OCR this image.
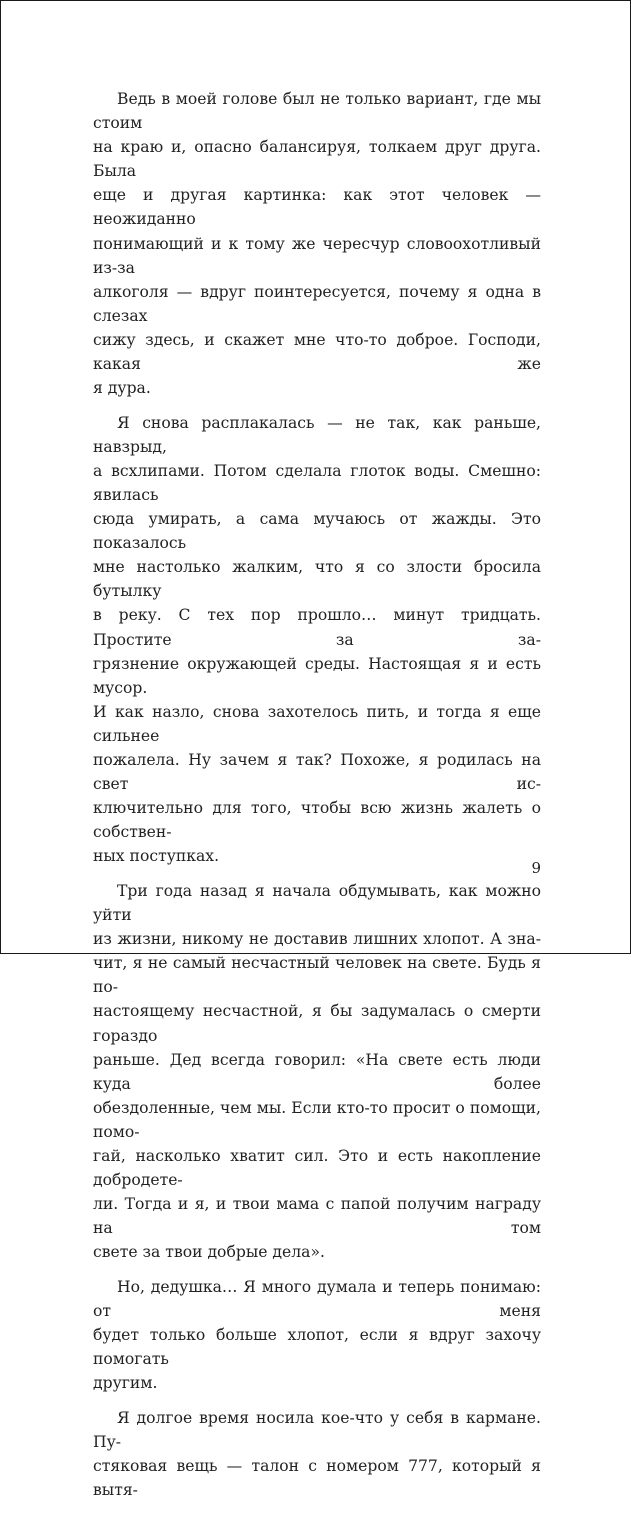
Ведь в моей голове был не только вариант, где мы стоим
на краю и, опасно балансируя, толкаем друг друга. Была
еще и другая картинка: как этот человек — неожиданно
понимающий и к тому же чересчур словоохотливый из-за
алкоголя — вдруг поинтересуется, почему я одна в слезах
сижу здесь, и скажет мне что-то доброе. Господи, какая же
я дура.
Я снова расплакалась — не так, как раньше, навзрыд,
а всхлипами. Потом сделала глоток воды. Смешно: явилась
сюда умирать, а сама мучаюсь от жажды. Это показалось
мне настолько жалким, что я со злости бросила бутылку
в реку. С тех пор прошло… минут тридцать. Простите за за-
грязнение окружающей среды. Настоящая я и есть мусор.
И как назло, снова захотелось пить, и тогда я еще сильнее
пожалела. Ну зачем я так? Похоже, я родилась на свет ис-
ключительно для того, чтобы всю жизнь жалеть о собствен-
ных поступках.
Три года назад я начала обдумывать, как можно уйти
из жизни, никому не доставив лишних хлопот. А зна-
чит, я не самый несчастный человек на свете. Будь я по-
настоящему несчастной, я бы задумалась о смерти гораздо
раньше. Дед всегда говорил: «На свете есть люди куда более
обездоленные, чем мы. Если кто-то просит о помощи, помо-
гай, насколько хватит сил. Это и есть накопление добродете-
ли. Тогда и я, и твои мама с папой получим награду на том
свете за твои добрые дела».
Но, дедушка… Я много думала и теперь понимаю: от меня
будет только больше хлопот, если я вдруг захочу помогать
другим.
Я долгое время носила кое-что у себя в кармане. Пу-
стяковая вещь — талон с номером 777, который я вытя-
9
